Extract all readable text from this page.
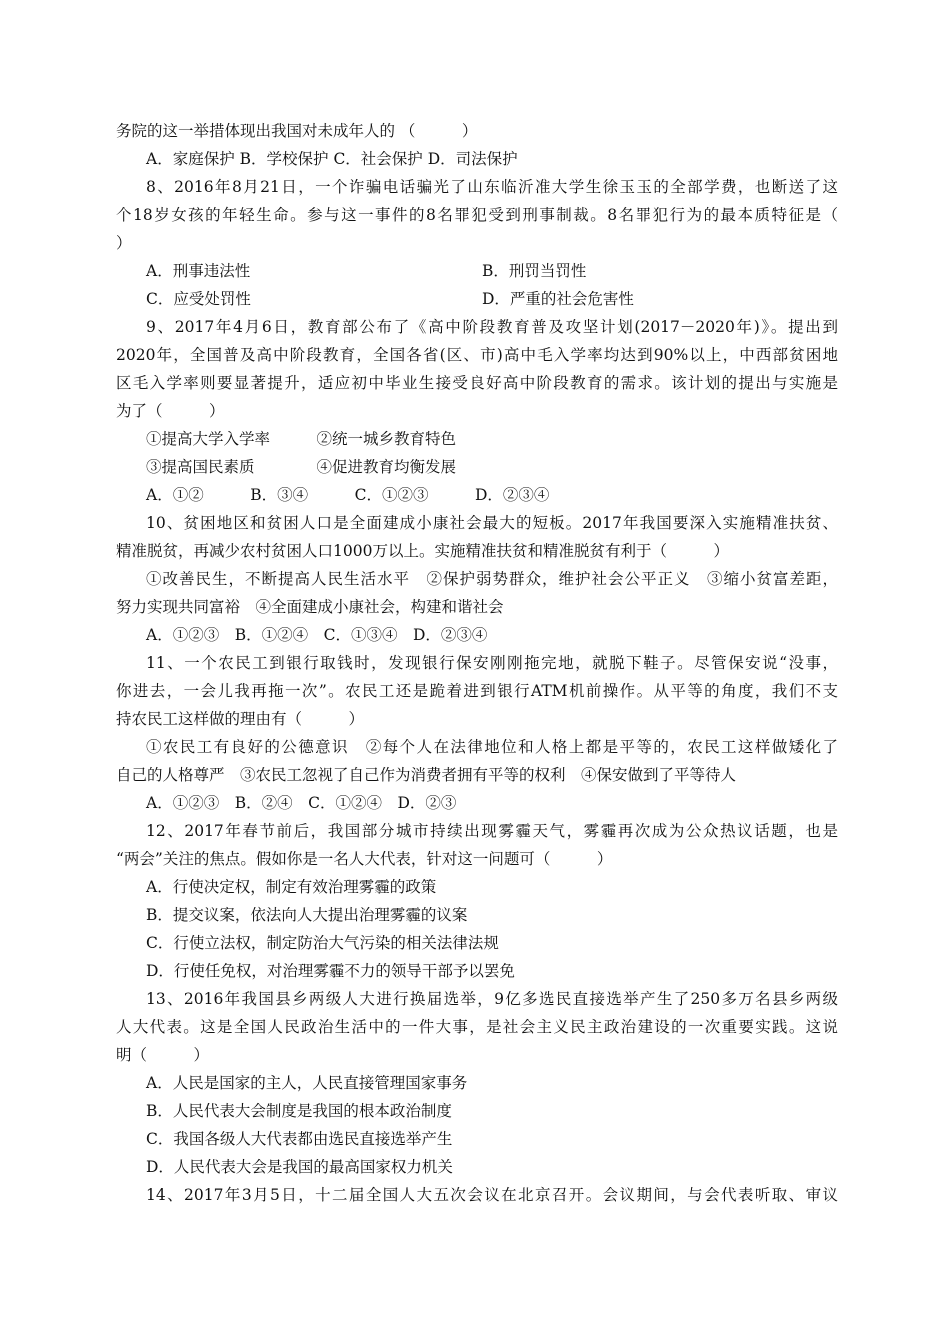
务院的这一举措体现出我国对未成年人的 （　　　）
A．家庭保护 B．学校保护 C．社会保护 D．司法保护
8、2016年8月21日，一个诈骗电话骗光了山东临沂准大学生徐玉玉的全部学费，也断送了这
个18岁女孩的年轻生命。参与这一事件的8名罪犯受到刑事制裁。8名罪犯行为的最本质特征是（
）
A．刑事违法性	B．刑罚当罚性
C．应受处罚性	D．严重的社会危害性
9、2017年4月6日，教育部公布了《高中阶段教育普及攻坚计划(2017－2020年)》。提出到
2020年，全国普及高中阶段教育，全国各省(区、市)高中毛入学率均达到90%以上，中西部贫困地
区毛入学率则要显著提升，适应初中毕业生接受良好高中阶段教育的需求。该计划的提出与实施是
为了（　　　）
①提高大学入学率　　　②统一城乡教育特色
③提高国民素质　　　　④促进教育均衡发展
A．①②　　　B．③④　　　C．①②③　　　D．②③④
10、贫困地区和贫困人口是全面建成小康社会最大的短板。2017年我国要深入实施精准扶贫、
精准脱贫，再减少农村贫困人口1000万以上。实施精准扶贫和精准脱贫有利于（　　　）
①改善民生，不断提高人民生活水平　②保护弱势群众，维护社会公平正义　③缩小贫富差距，
努力实现共同富裕　④全面建成小康社会，构建和谐社会
A．①②③　B．①②④　C．①③④　D．②③④
11、一个农民工到银行取钱时，发现银行保安刚刚拖完地，就脱下鞋子。尽管保安说“没事，
你进去，一会儿我再拖一次”。农民工还是跪着进到银行ATM机前操作。从平等的角度，我们不支
持农民工这样做的理由有（　　　）
①农民工有良好的公德意识　②每个人在法律地位和人格上都是平等的，农民工这样做矮化了
自己的人格尊严　③农民工忽视了自己作为消费者拥有平等的权利　④保安做到了平等待人
A．①②③　B．②④　C．①②④　D．②③
12、2017年春节前后，我国部分城市持续出现雾霾天气，雾霾再次成为公众热议话题，也是
“两会”关注的焦点。假如你是一名人大代表，针对这一问题可（　　　）
A．行使决定权，制定有效治理雾霾的政策
B．提交议案，依法向人大提出治理雾霾的议案
C．行使立法权，制定防治大气污染的相关法律法规
D．行使任免权，对治理雾霾不力的领导干部予以罢免
13、2016年我国县乡两级人大进行换届选举，9亿多选民直接选举产生了250多万名县乡两级
人大代表。这是全国人民政治生活中的一件大事，是社会主义民主政治建设的一次重要实践。这说
明（　　　）
A．人民是国家的主人，人民直接管理国家事务
B．人民代表大会制度是我国的根本政治制度
C．我国各级人大代表都由选民直接选举产生
D．人民代表大会是我国的最高国家权力机关
14、2017年3月5日，十二届全国人大五次会议在北京召开。会议期间，与会代表听取、审议
